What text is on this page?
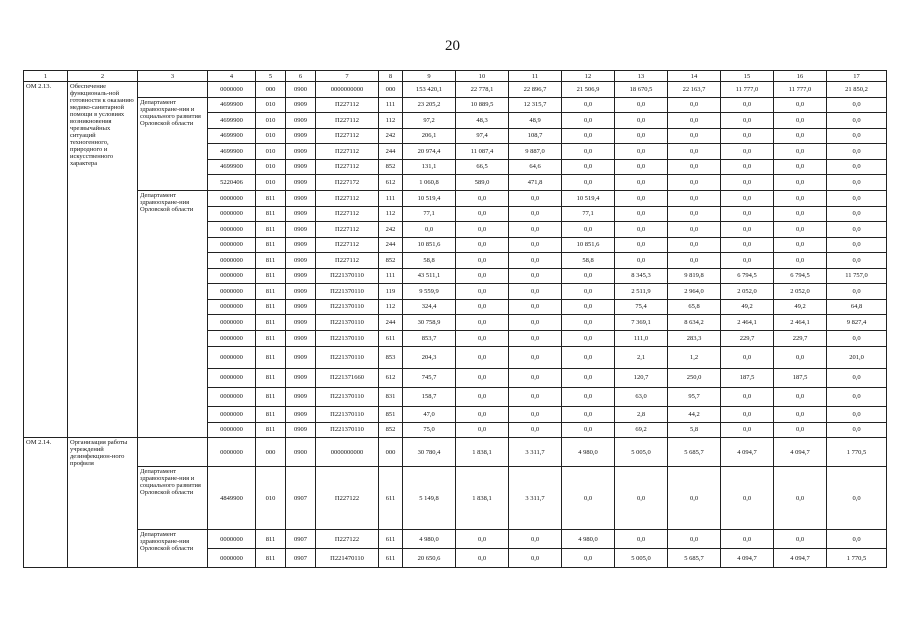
20
1	2	3	4	5	6	7	8	9	10	11	12	13	14	15	16	17
ОМ 2.13.	Обеспечение функциональ-ной готовности к оказанию медико-санитарной помощи в условиях возникновения чрезвычайных ситуаций техногенного, природного и искусственного характера		0000000	000	0900	0000000000	000	153 420,1	22 778,1	22 896,7	21 506,9	18 670,5	22 163,7	11 777,0	11 777,0	21 850,2
		Департамент здравоохране-ния и социального развития Орловской области	4699900	010	0909	П227112	111	23 205,2	10 889,5	12 315,7	0,0	0,0	0,0	0,0	0,0	0,0
			4699900	010	0909	П227112	112	97,2	48,3	48,9	0,0	0,0	0,0	0,0	0,0	0,0
			4699900	010	0909	П227112	242	206,1	97,4	108,7	0,0	0,0	0,0	0,0	0,0	0,0
			4699900	010	0909	П227112	244	20 974,4	11 087,4	9 887,0	0,0	0,0	0,0	0,0	0,0	0,0
			4699900	010	0909	П227112	852	131,1	66,5	64,6	0,0	0,0	0,0	0,0	0,0	0,0
			5220406	010	0909	П227172	612	1 060,8	589,0	471,8	0,0	0,0	0,0	0,0	0,0	0,0
		Департамент здравоохране-ния Орловской области	0000000	811	0909	П227112	111	10 519,4	0,0	0,0	10 519,4	0,0	0,0	0,0	0,0	0,0
			0000000	811	0909	П227112	112	77,1	0,0	0,0	77,1	0,0	0,0	0,0	0,0	0,0
			0000000	811	0909	П227112	242	0,0	0,0	0,0	0,0	0,0	0,0	0,0	0,0	0,0
			0000000	811	0909	П227112	244	10 851,6	0,0	0,0	10 851,6	0,0	0,0	0,0	0,0	0,0
			0000000	811	0909	П227112	852	58,8	0,0	0,0	58,8	0,0	0,0	0,0	0,0	0,0
			0000000	811	0909	П221370110	111	43 511,1	0,0	0,0	0,0	8 345,3	9 819,8	6 794,5	6 794,5	11 757,0
			0000000	811	0909	П221370110	119	9 559,9	0,0	0,0	0,0	2 511,9	2 964,0	2 052,0	2 052,0	0,0
			0000000	811	0909	П221370110	112	324,4	0,0	0,0	0,0	75,4	65,8	49,2	49,2	64,8
			0000000	811	0909	П221370110	244	30 758,9	0,0	0,0	0,0	7 369,1	8 634,2	2 464,1	2 464,1	9 827,4
			0000000	811	0909	П221370110	611	853,7	0,0	0,0	0,0	111,0	283,3	229,7	229,7	0,0
			0000000	811	0909	П221370110	853	204,3	0,0	0,0	0,0	2,1	1,2	0,0	0,0	201,0
			0000000	811	0909	П221371660	612	745,7	0,0	0,0	0,0	120,7	250,0	187,5	187,5	0,0
			0000000	811	0909	П221370110	831	158,7	0,0	0,0	0,0	63,0	95,7	0,0	0,0	0,0
			0000000	811	0909	П221370110	851	47,0	0,0	0,0	0,0	2,8	44,2	0,0	0,0	0,0
			0000000	811	0909	П221370110	852	75,0	0,0	0,0	0,0	69,2	5,8	0,0	0,0	0,0
ОМ 2.14.	Организация работы учреждений дезинфекцион-ного профиля		0000000	000	0900	0000000000	000	30 780,4	1 838,1	3 311,7	4 980,0	5 005,0	5 685,7	4 094,7	4 094,7	1 770,5
		Департамент здравоохране-ния и социального развития Орловской области	4849900	010	0907	П227122	611	5 149,8	1 838,1	3 311,7	0,0	0,0	0,0	0,0	0,0	0,0
		Департамент здравоохране-ния Орловской области	0000000	811	0907	П227122	611	4 980,0	0,0	0,0	4 980,0	0,0	0,0	0,0	0,0	0,0
			0000000	811	0907	П221470110	611	20 650,6	0,0	0,0	0,0	5 005,0	5 685,7	4 094,7	4 094,7	1 770,5
